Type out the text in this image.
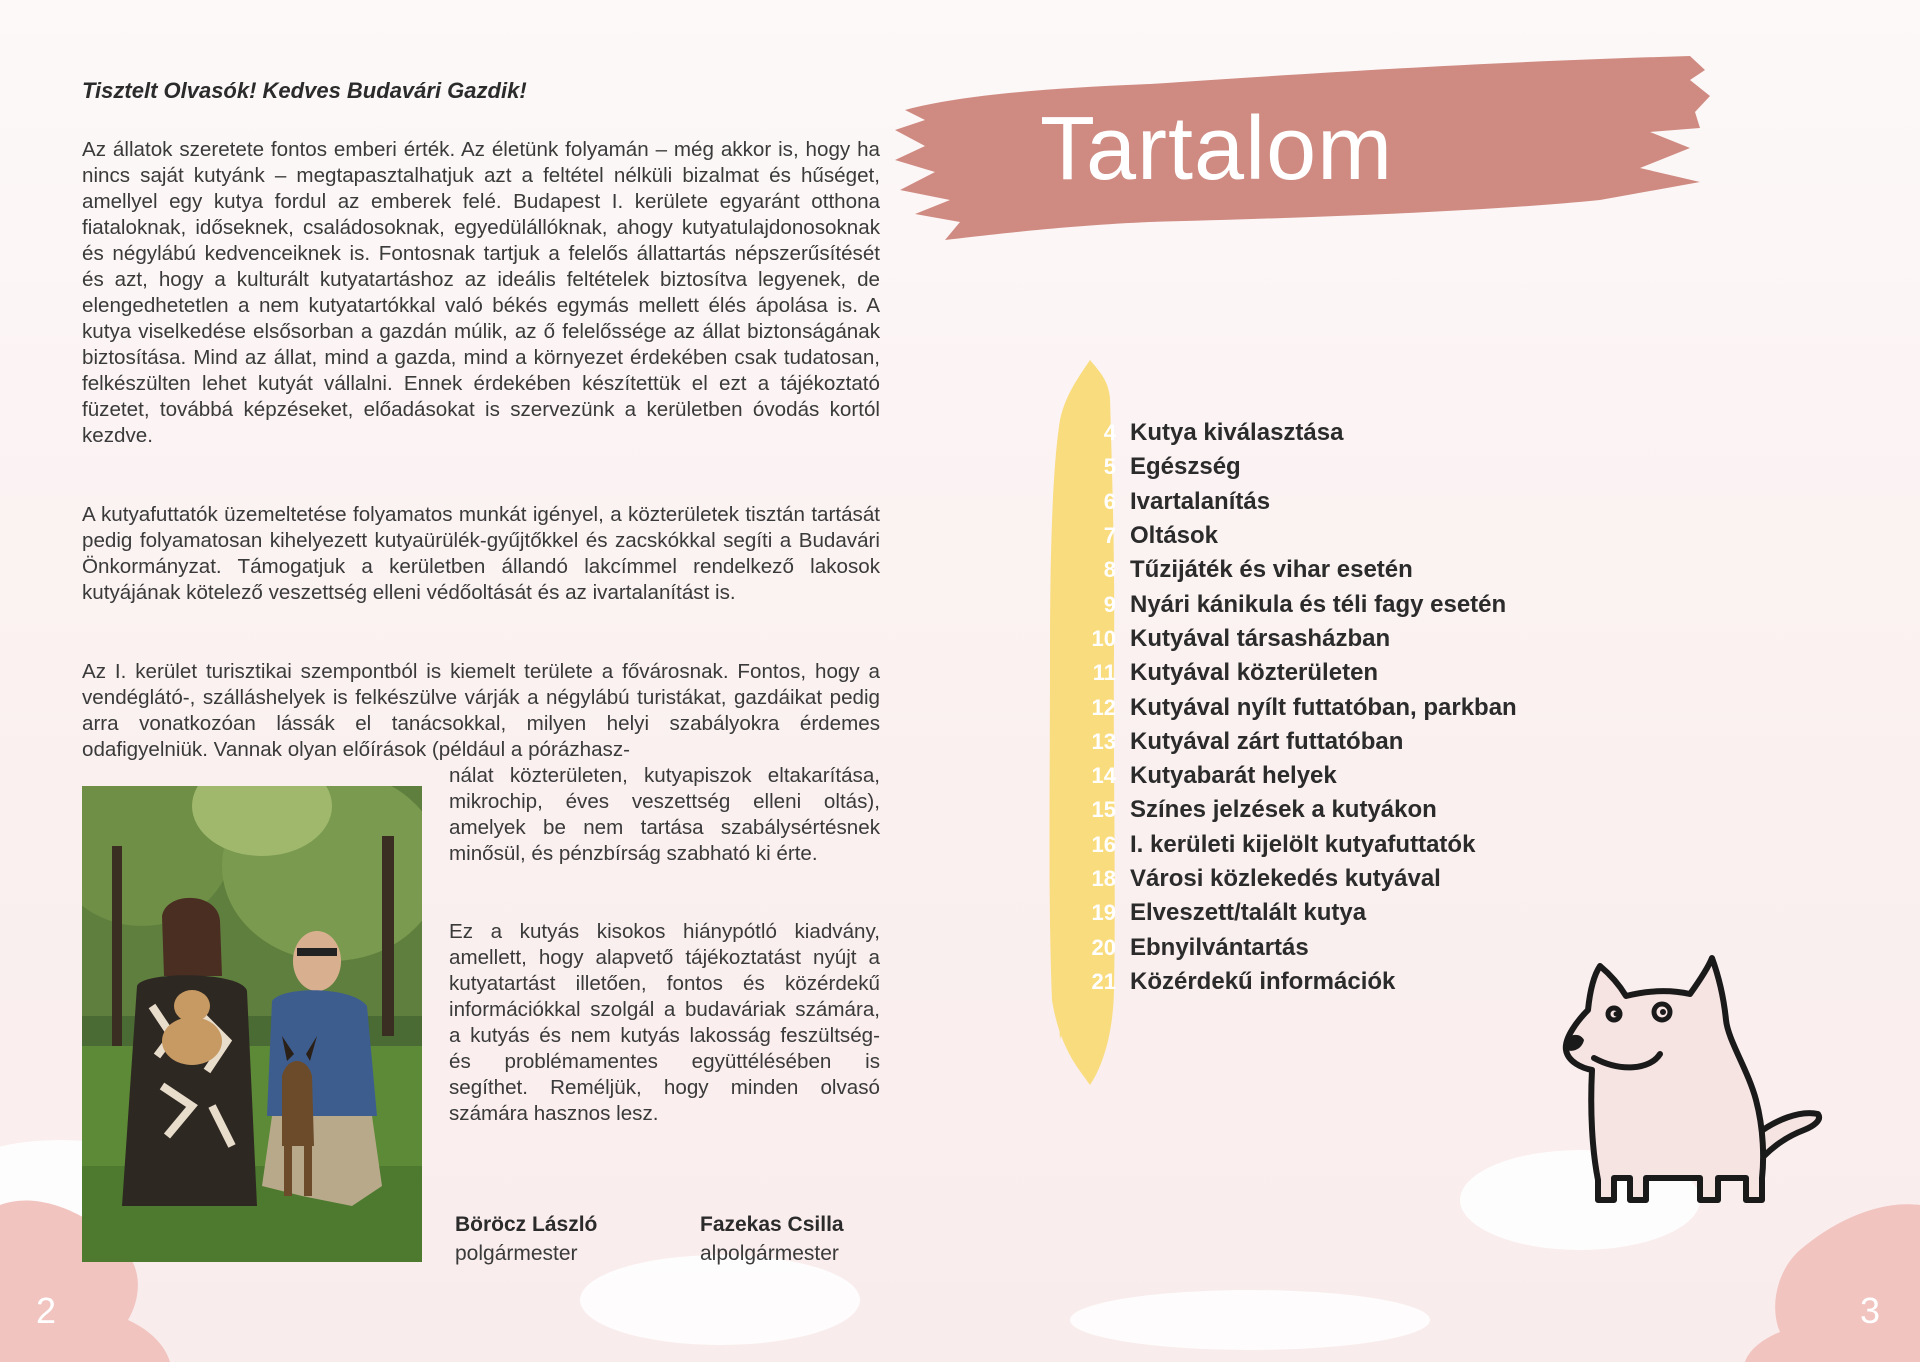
Tisztelt Olvasók! Kedves Budavári Gazdik!

Az állatok szeretete fontos emberi érték. Az életünk folyamán – még akkor is, hogy ha nincs saját kutyánk – megtapasztalhatjuk azt a feltétel nélküli bizalmat és hűséget, amellyel egy kutya fordul az emberek felé. Budapest I. kerülete egyaránt otthona fiataloknak, időseknek, családosoknak, egyedülállóknak, ahogy kutyatulajdonosoknak és négylábú kedvenceiknek is. Fontosnak tartjuk a felelős állattartás népszerűsítését és azt, hogy a kulturált kutyatartáshoz az ideális feltételek biztosítva legyenek, de elengedhetetlen a nem kutyatartókkal való békés egymás mellett élés ápolása is. A kutya viselkedése elsősorban a gazdán múlik, az ő felelőssége az állat biztonságának biztosítása. Mind az állat, mind a gazda, mind a környezet érdekében csak tudatosan, felkészülten lehet kutyát vállalni. Ennek érdekében készítettük el ezt a tájékoztató füzetet, továbbá képzéseket, előadásokat is szervezünk a kerületben óvodás kortól kezdve.

A kutyafuttatók üzemeltetése folyamatos munkát igényel, a közterületek tisztán tartását pedig folyamatosan kihelyezett kutyaürülék-gyűjtőkkel és zacskókkal segíti a Budavári Önkormányzat. Támogatjuk a kerületben állandó lakcímmel rendelkező lakosok kutyájának kötelező veszettség elleni védőoltását és az ivartalanítást is.

Az I. kerület turisztikai szempontból is kiemelt területe a fővárosnak. Fontos, hogy a vendéglátó-, szálláshelyek is felkészülve várják a négylábú turistákat, gazdáikat pedig arra vonatkozóan lássák el tanácsokkal, milyen helyi szabályokra érdemes odafigyelniük. Vannak olyan előírások (például a pórázhasz-

nálat közterületen, kutyapiszok eltakarítása, mikrochip, éves veszettség elleni oltás), amelyek be nem tartása szabálysértésnek minősül, és pénzbírság szabható ki érte.

Ez a kutyás kisokos hiánypótló kiadvány, amellett, hogy alapvető tájékoztatást nyújt a kutyatartást illetően, fontos és közérdekű információkkal szolgál a budaváriak számára, a kutyás és nem kutyás lakosság feszültség- és problémamentes együttélésében is segíthet. Reméljük, hogy minden olvasó számára hasznos lesz.

Böröcz László

polgármester

Fazekas Csilla

alpolgármester

2
Tartalom
4 Kutya kiválasztása
5 Egészség
6 Ivartalanítás
7 Oltások
8 Tűzijáték és vihar esetén
9 Nyári kánikula és téli fagy esetén
10 Kutyával társasházban
11 Kutyával közterületen
12 Kutyával nyílt futtatóban, parkban
13 Kutyával zárt futtatóban
14 Kutyabarát helyek
15 Színes jelzések a kutyákon
16 I. kerületi kijelölt kutyafuttatók
18 Városi közlekedés kutyával
19 Elveszett/talált kutya
20 Ebnyilvántartás
21 Közérdekű információk
3
